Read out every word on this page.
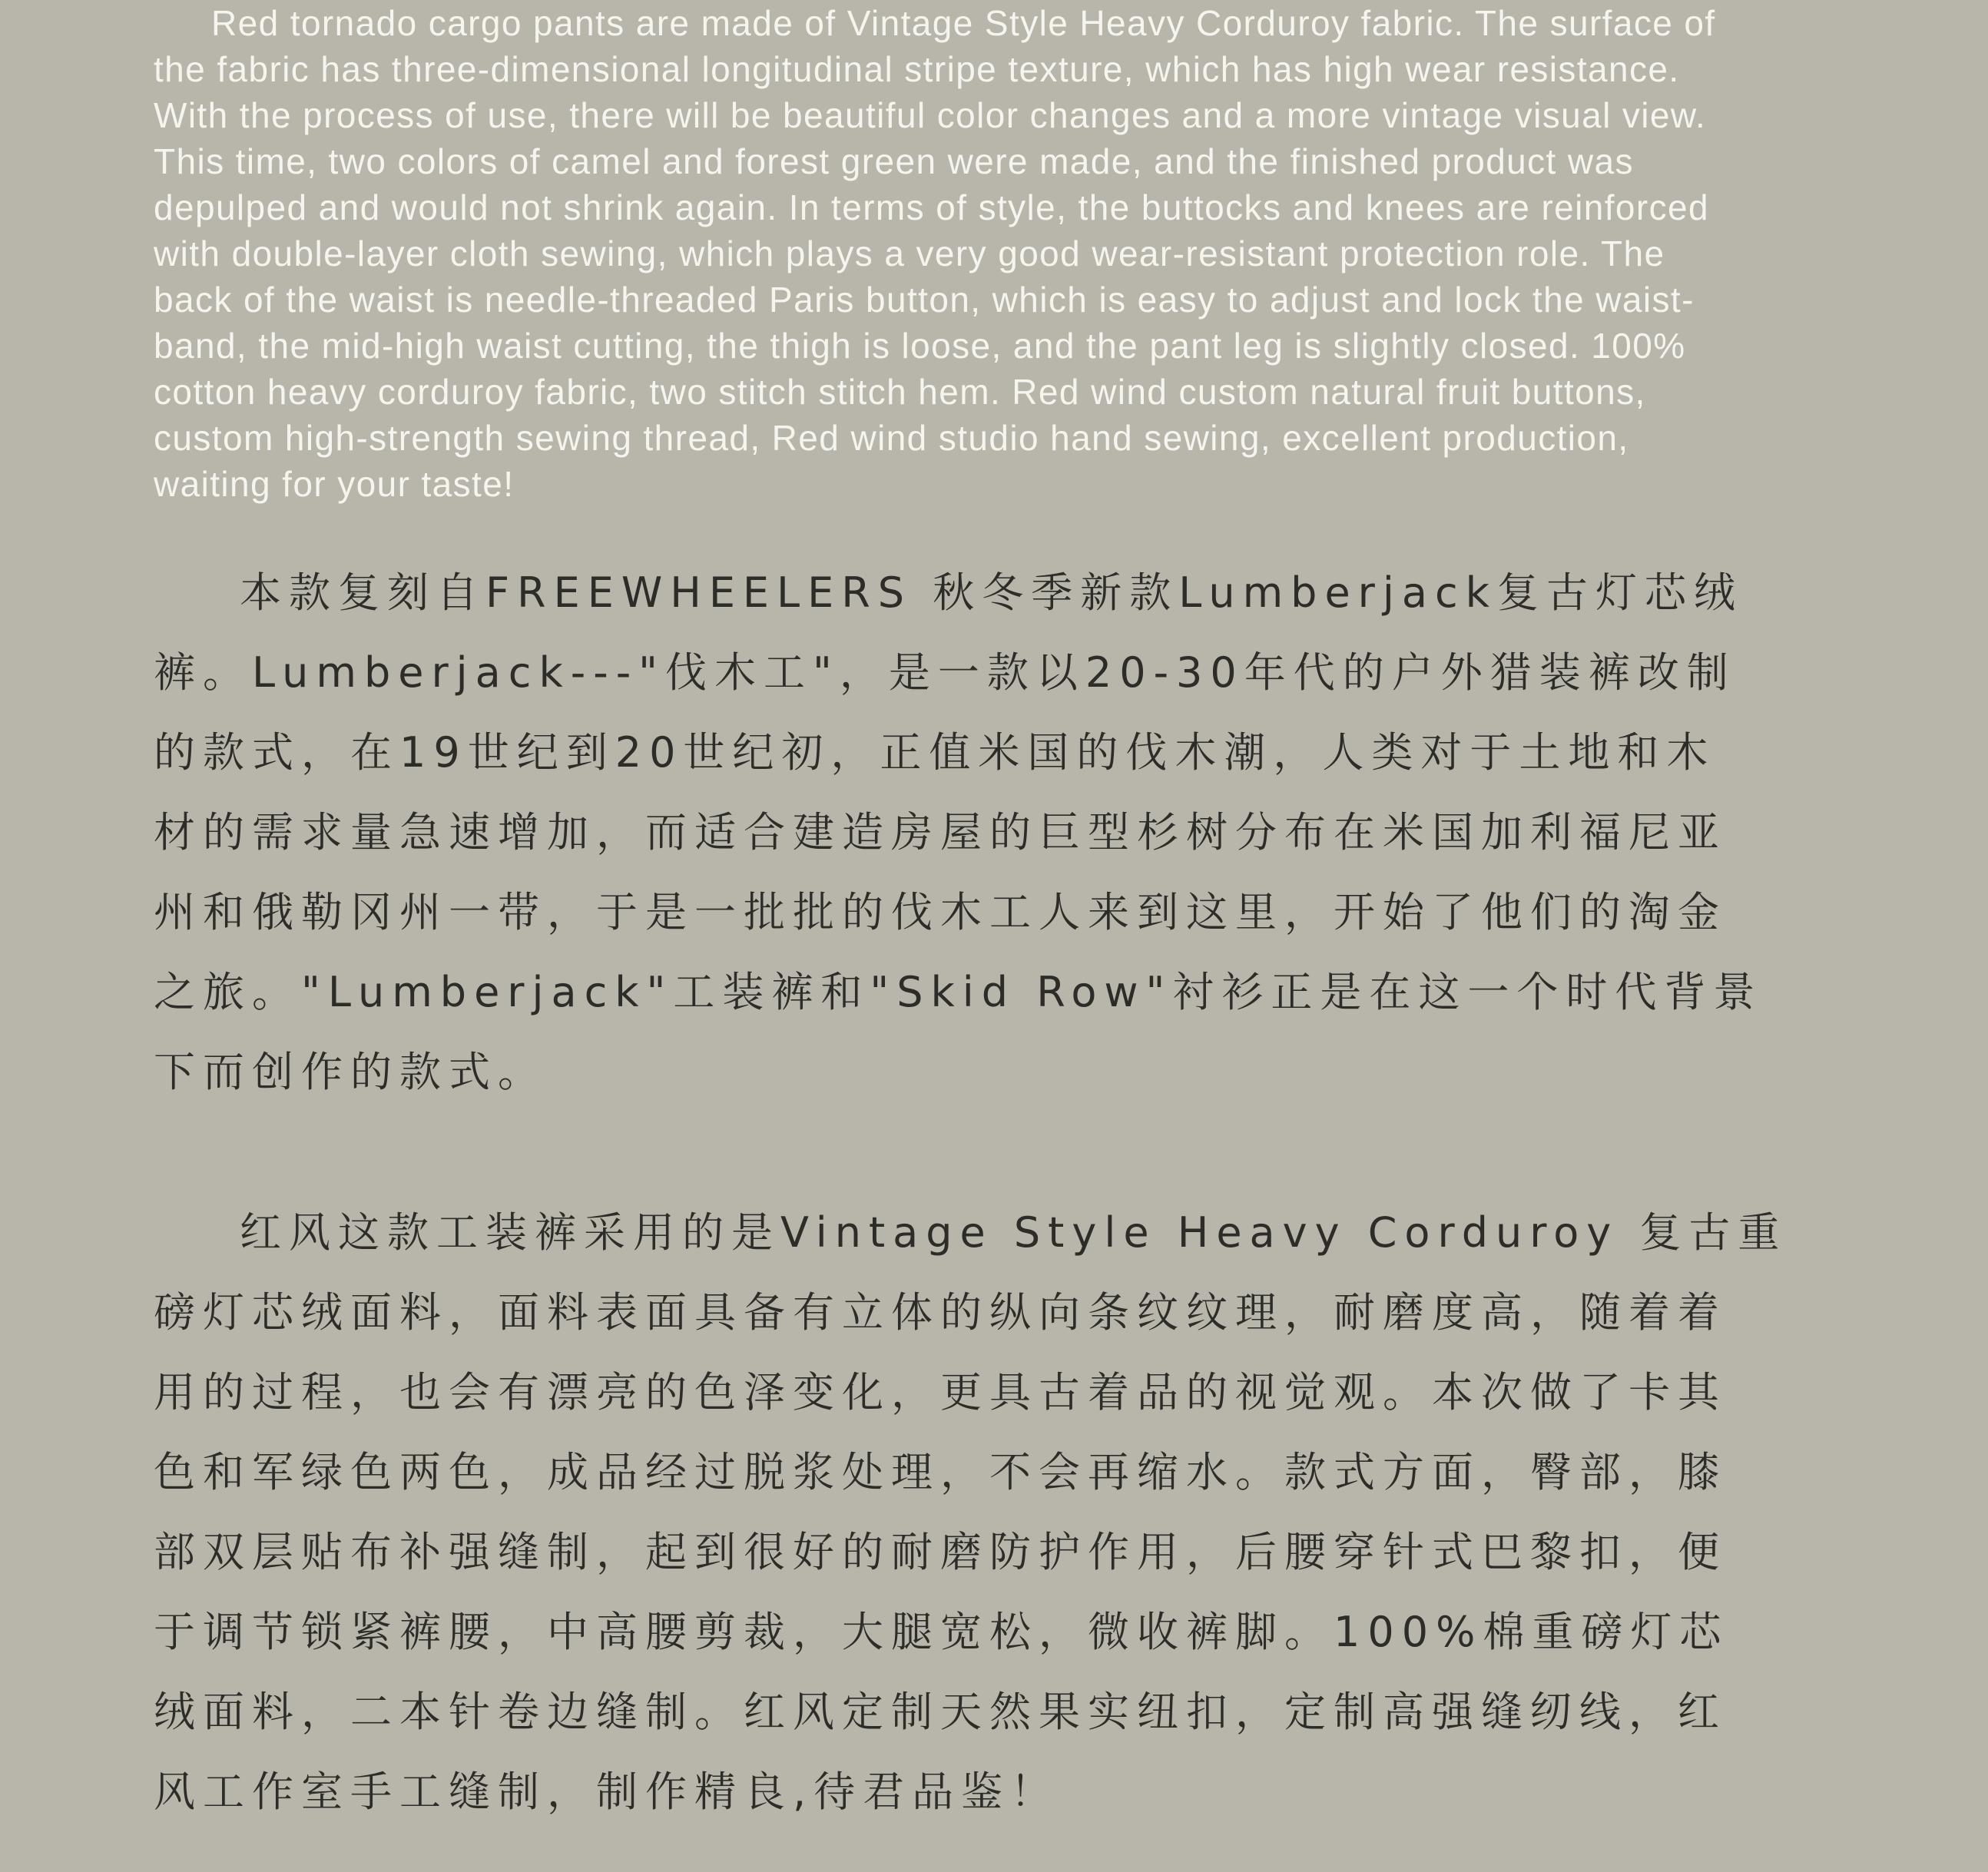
Red tornado cargo pants are made of Vintage Style Heavy Corduroy fabric. The surface of
the fabric has three-dimensional longitudinal stripe texture, which has high wear resistance.
With the process of use, there will be beautiful color changes and a more vintage visual view.
This time, two colors of camel and forest green were made, and the finished product was
depulped and would not shrink again. In terms of style, the buttocks and knees are reinforced
with double-layer cloth sewing, which plays a very good wear-resistant protection role. The
back of the waist is needle-threaded Paris button, which is easy to adjust and lock the waist-
band, the mid-high waist cutting, the thigh is loose, and the pant leg is slightly closed. 100%
cotton heavy corduroy fabric, two stitch stitch hem. Red wind custom natural fruit buttons,
custom high-strength sewing thread, Red wind studio hand sewing, excellent production,
waiting for your taste!
本款复刻自FREEWHEELERS 秋冬季新款Lumberjack复古灯芯绒
裤。Lumberjack---"伐木工"，是一款以20-30年代的户外猎装裤改制
的款式，在19世纪到20世纪初，正值米国的伐木潮，人类对于土地和木
材的需求量急速增加，而适合建造房屋的巨型杉树分布在米国加利福尼亚
州和俄勒冈州一带，于是一批批的伐木工人来到这里，开始了他们的淘金
之旅。"Lumberjack"工装裤和"Skid Row"衬衫正是在这一个时代背景
下而创作的款式。
红风这款工装裤采用的是Vintage Style Heavy Corduroy 复古重
磅灯芯绒面料，面料表面具备有立体的纵向条纹纹理，耐磨度高，随着着
用的过程，也会有漂亮的色泽变化，更具古着品的视觉观。本次做了卡其
色和军绿色两色，成品经过脱浆处理，不会再缩水。款式方面，臀部，膝
部双层贴布补强缝制，起到很好的耐磨防护作用，后腰穿针式巴黎扣，便
于调节锁紧裤腰，中高腰剪裁，大腿宽松，微收裤脚。100%棉重磅灯芯
绒面料，二本针卷边缝制。红风定制天然果实纽扣，定制高强缝纫线，红
风工作室手工缝制，制作精良,待君品鉴！
